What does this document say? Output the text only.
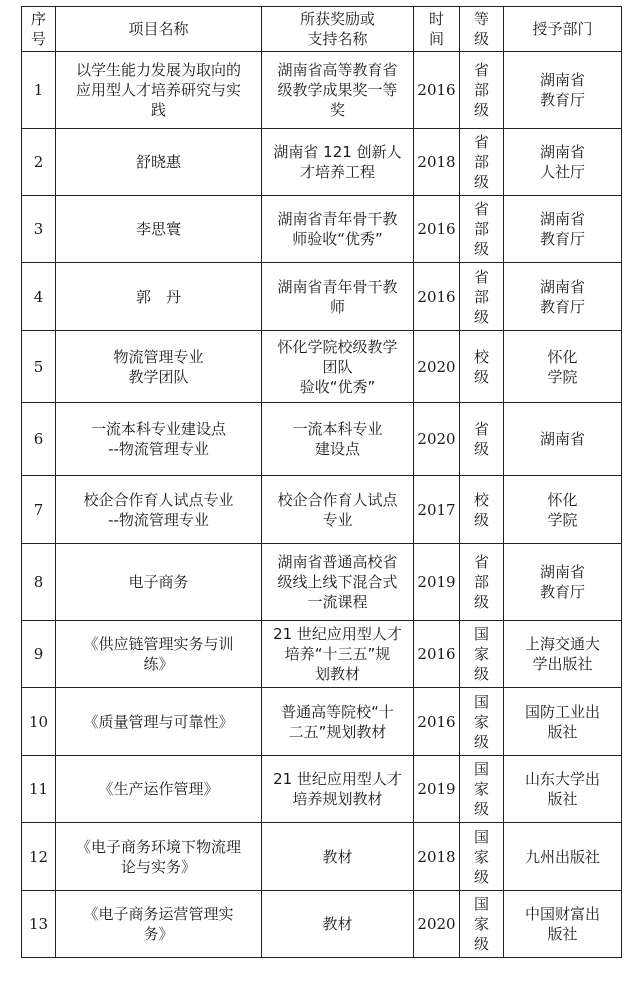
序
号	项目名称	所获奖励或
支持名称	时
间	等
级	授予部门
1	以学生能力发展为取向的
应用型人才培养研究与实
践	湖南省高等教育省
级教学成果奖一等
奖	2016	省
部
级	湖南省
教育厅
2	舒晓惠	湖南省 121 创新人
才培养工程	2018	省
部
级	湖南省
人社厅
3	李思寰	湖南省青年骨干教
师验收“优秀”	2016	省
部
级	湖南省
教育厅
4	郭　丹	湖南省青年骨干教
师	2016	省
部
级	湖南省
教育厅
5	物流管理专业
教学团队	怀化学院校级教学
团队
验收“优秀”	2020	校
级	怀化
学院
6	一流本科专业建设点
--物流管理专业	一流本科专业
建设点	2020	省
级	湖南省
7	校企合作育人试点专业
--物流管理专业	校企合作育人试点
专业	2017	校
级	怀化
学院
8	电子商务	湖南省普通高校省
级线上线下混合式
一流课程	2019	省
部
级	湖南省
教育厅
9	《供应链管理实务与训
练》	21 世纪应用型人才
培养“十三五”规
划教材	2016	国
家
级	上海交通大
学出版社
10	《质量管理与可靠性》	普通高等院校“十
二五”规划教材	2016	国
家
级	国防工业出
版社
11	《生产运作管理》	21 世纪应用型人才
培养规划教材	2019	国
家
级	山东大学出
版社
12	《电子商务环境下物流理
论与实务》	教材	2018	国
家
级	九州出版社
13	《电子商务运营管理实
务》	教材	2020	国
家
级	中国财富出
版社
